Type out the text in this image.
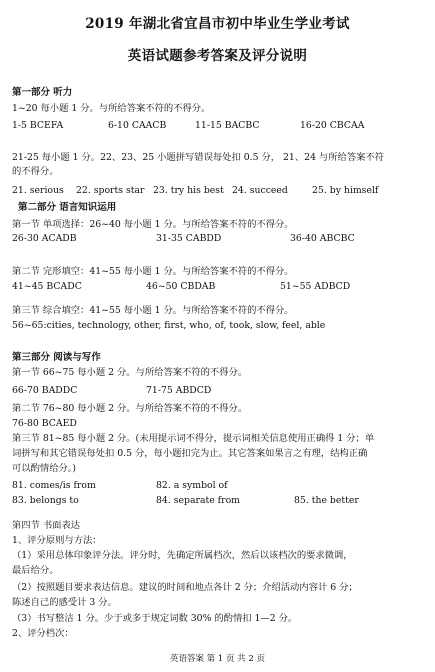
2019 年湖北省宜昌市初中毕业生学业考试
英语试题参考答案及评分说明
第一部分 听力
1~20 每小题 1 分。与所给答案不符的不得分。
1-5 BCEFA	6-10 CAACB	11-15 BACBC	16-20 CBCAA
21-25 每小题 1 分。22、23、25 小题拼写错误每处扣 0.5 分， 21、24 与所给答案不符
的不得分。
21. serious 22. sports star 23. try his best 24. succeed	25. by himself
第二部分 语言知识运用
第一节 单项选择：26~40 每小题 1 分。与所给答案不符的不得分。
26-30 ACADB	31-35 CABDD	36-40 ABCBC
第二节 完形填空：41~55 每小题 1 分。与所给答案不符的不得分。
41~45 BCADC	46~50 CBDAB	51~55 ADBCD
第三节 综合填空：41~55 每小题 1 分。与所给答案不符的不得分。
56~65:cities, technology, other, first, who, of, took, slow, feel, able
第三部分 阅读与写作
第一节 66~75 每小题 2 分。与所给答案不符的不得分。
66-70 BADDC	71-75 ABDCD
第二节 76~80 每小题 2 分。与所给答案不符的不得分。
76-80 BCAED
第三节 81~85 每小题 2 分。(未用提示词不得分，提示词相关信息使用正确得 1 分；单
词拼写和其它错误每处扣 0.5 分，每小题扣完为止。其它答案如果言之有理，结构正确
可以酌情给分。)
81. comes/is from	82. a symbol of
83. belongs to	84. separate from	85. the better
第四节 书面表达
1、评分原则与方法：
（1）采用总体印象评分法。评分时，先确定所属档次，然后以该档次的要求微调，
最后给分。
（2）按照题目要求表达信息。建议的时间和地点各计 2 分；介绍活动内容计 6 分；
陈述自己的感受计 3 分。
（3）书写整洁 1 分。少于或多于规定词数 30% 的酌情扣 1—2 分。
2、评分档次：
英语答案 第 1 页 共 2 页
